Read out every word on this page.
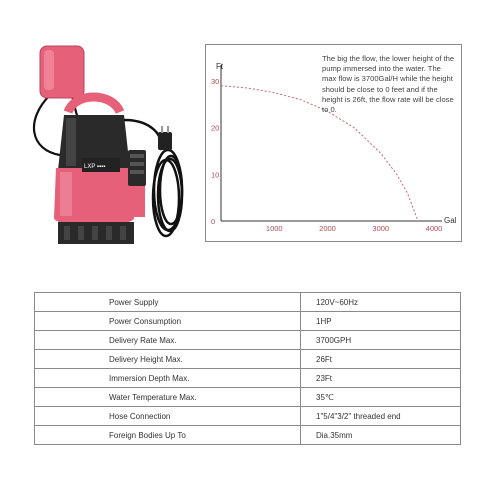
LXP ▪▪▪▪
0
10
20
30
1000	2000	3000	4000
Ft
Gal
The big the flow, the lower height of the pump immersed into the water. The max flow is 3700Gal/H while the height should be close to 0 feet and if the height is 26ft, the flow rate will be close to 0.
Power Supply	120V~60Hz
Power Consumption	1HP
Delivery Rate Max.	3700GPH
Delivery Height Max.	26Ft
Immersion Depth Max.	23Ft
Water Temperature Max.	35℃
Hose Connection	1"5/4"3/2" threaded end
Foreign Bodies Up To	Dia.35mm
